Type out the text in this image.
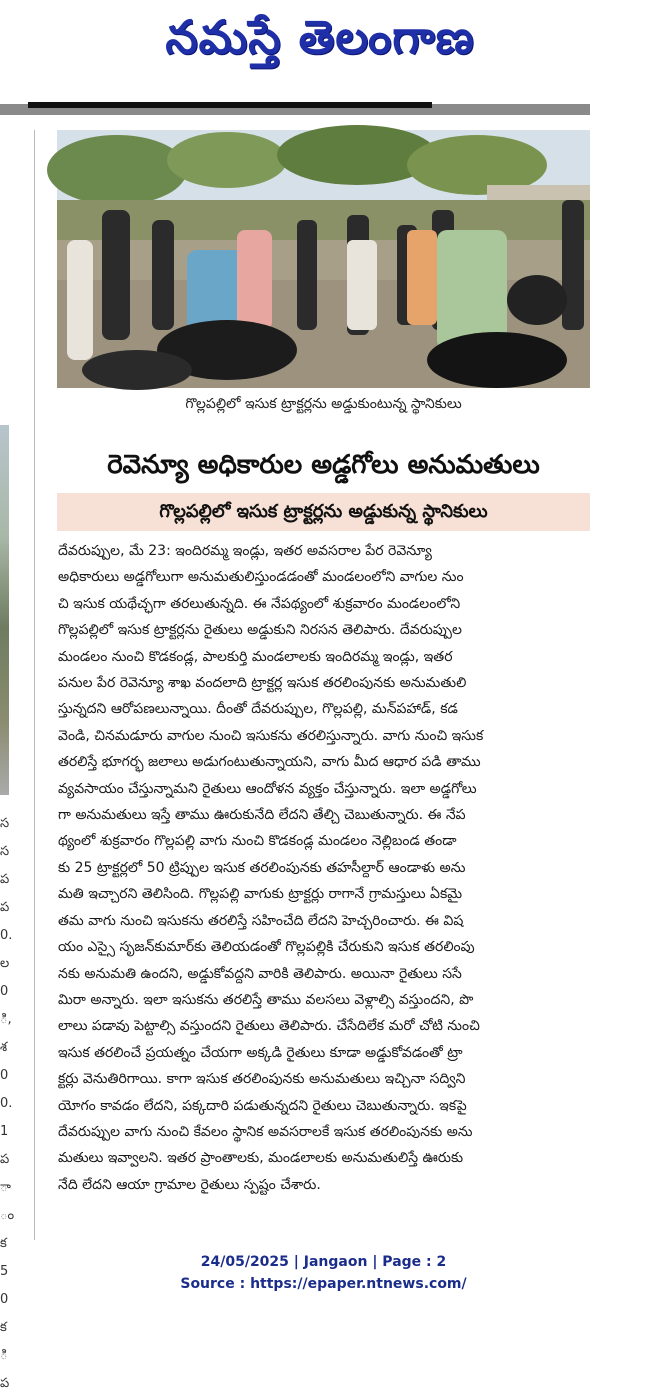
నమస్తే తెలంగాణ
స
స
ప
ప
0.
ల
0
ి,
శ
0
0.
1
ప
ా
ం
క
5
0
క
ి
ప
గొల్లపల్లిలో ఇసుక ట్రాక్టర్లను అడ్డుకుంటున్న స్థానికులు
రెవెన్యూ అధికారుల అడ్డగోలు అనుమతులు
గొల్లపల్లిలో ఇసుక ట్రాక్టర్లను అడ్డుకున్న స్థానికులు
దేవరుప్పుల, మే 23: ఇందిరమ్మ ఇండ్లు, ఇతర అవసరాల పేర రెవెన్యూ
అధికారులు అడ్డగోలుగా అనుమతులిస్తుండడంతో మండలంలోని వాగుల నుం
చి ఇసుక యథేచ్ఛగా తరలుతున్నది. ఈ నేపథ్యంలో శుక్రవారం మండలంలోని
గొల్లపల్లిలో ఇసుక ట్రాక్టర్లను రైతులు అడ్డుకుని నిరసన తెలిపారు. దేవరుప్పుల
మండలం నుంచి కొడకండ్ల, పాలకుర్తి మండలాలకు ఇందిరమ్మ ఇండ్లు, ఇతర
పనుల పేర రెవెన్యూ శాఖ వందలాది ట్రాక్టర్ల ఇసుక తరలింపునకు అనుమతులి
స్తున్నదని ఆరోపణలున్నాయి. దీంతో దేవరుప్పుల, గొల్లపల్లి, మన్‌పహాడ్, కడ
వెండి, చినమడూరు వాగుల నుంచి ఇసుకను తరలిస్తున్నారు. వాగు నుంచి ఇసుక
తరలిస్తే భూగర్భ జలాలు అడుగంటుతున్నాయని, వాగు మీద ఆధార పడి తాము
వ్యవసాయం చేస్తున్నామని రైతులు ఆందోళన వ్యక్తం చేస్తున్నారు. ఇలా అడ్డగోలు
గా అనుమతులు ఇస్తే తాము ఊరుకునేది లేదని తేల్చి చెబుతున్నారు. ఈ నేప
థ్యంలో శుక్రవారం గొల్లపల్లి వాగు నుంచి కొడకండ్ల మండలం నెల్లిబండ తండా
కు 25 ట్రాక్టర్లలో 50 ట్రిప్పుల ఇసుక తరలింపునకు తహసీల్దార్ ఆండాళు అను
మతి ఇచ్చారని తెలిసింది. గొల్లపల్లి వాగుకు ట్రాక్టర్లు రాగానే గ్రామస్తులు ఏకమై
తమ వాగు నుంచి ఇసుకను తరలిస్తే సహించేది లేదని హెచ్చరించారు. ఈ విష
యం ఎస్సై సృజన్‌కుమార్‌కు తెలియడంతో గొల్లపల్లికి చేరుకుని ఇసుక తరలింపు
నకు అనుమతి ఉందని, అడ్డుకోవద్దని వారికి తెలిపారు. అయినా రైతులు ససే
మిరా అన్నారు. ఇలా ఇసుకను తరలిస్తే తాము వలసలు వెళ్లాల్సి వస్తుందని, పొ
లాలు పడావు పెట్టాల్సి వస్తుందని రైతులు తెలిపారు. చేసేదిలేక మరో చోటి నుంచి
ఇసుక తరలించే ప్రయత్నం చేయగా అక్కడి రైతులు కూడా అడ్డుకోవడంతో ట్రా
క్టర్లు వెనుతిరిగాయి. కాగా ఇసుక తరలింపునకు అనుమతులు ఇచ్చినా సద్విని
యోగం కావడం లేదని, పక్కదారి పడుతున్నదని రైతులు చెబుతున్నారు. ఇకపై
దేవరుప్పుల వాగు నుంచి కేవలం స్థానిక అవసరాలకే ఇసుక తరలింపునకు అను
మతులు ఇవ్వాలని. ఇతర ప్రాంతాలకు, మండలాలకు అనుమతులిస్తే ఊరుకు
నేది లేదని ఆయా గ్రామాల రైతులు స్పష్టం చేశారు.
24/05/2025 | Jangaon | Page : 2
Source : https://epaper.ntnews.com/
